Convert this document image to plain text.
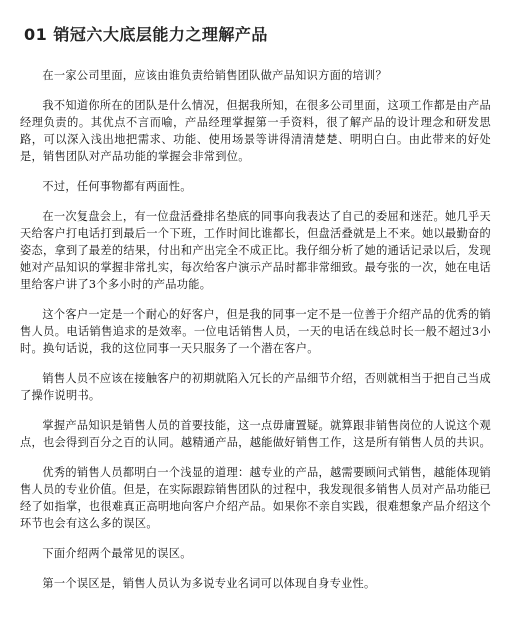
01 销冠六大底层能力之理解产品

在一家公司里面，应该由谁负责给销售团队做产品知识方面的培训？

我不知道你所在的团队是什么情况，但据我所知，在很多公司里面，这项工作都是由产品经理负责的。其优点不言而喻，产品经理掌握第一手资料，很了解产品的设计理念和研发思路，可以深入浅出地把需求、功能、使用场景等讲得清清楚楚、明明白白。由此带来的好处是，销售团队对产品功能的掌握会非常到位。

不过，任何事物都有两面性。

在一次复盘会上，有一位盘活叠排名垫底的同事向我表达了自己的委屈和迷茫。她几乎天天给客户打电话打到最后一个下班，工作时间比谁都长，但盘活叠就是上不来。她以最勤奋的姿态，拿到了最差的结果，付出和产出完全不成正比。我仔细分析了她的通话记录以后，发现她对产品知识的掌握非常扎实，每次给客户演示产品时都非常细致。最夸张的一次，她在电话里给客户讲了3个多小时的产品功能。

这个客户一定是一个耐心的好客户，但是我的同事一定不是一位善于介绍产品的优秀的销售人员。电话销售追求的是效率。一位电话销售人员，一天的电话在线总时长一般不超过3小时。换句话说，我的这位同事一天只服务了一个潜在客户。

销售人员不应该在接触客户的初期就陷入冗长的产品细节介绍，否则就相当于把自己当成了操作说明书。

掌握产品知识是销售人员的首要技能，这一点毋庸置疑。就算跟非销售岗位的人说这个观点，也会得到百分之百的认同。越精通产品，越能做好销售工作，这是所有销售人员的共识。

优秀的销售人员都明白一个浅显的道理：越专业的产品，越需要顾问式销售，越能体现销售人员的专业价值。但是，在实际跟踪销售团队的过程中，我发现很多销售人员对产品功能已经了如指掌，也很难真正高明地向客户介绍产品。如果你不亲自实践，很难想象产品介绍这个环节也会有这么多的误区。

下面介绍两个最常见的误区。

第一个误区是，销售人员认为多说专业名词可以体现自身专业性。
